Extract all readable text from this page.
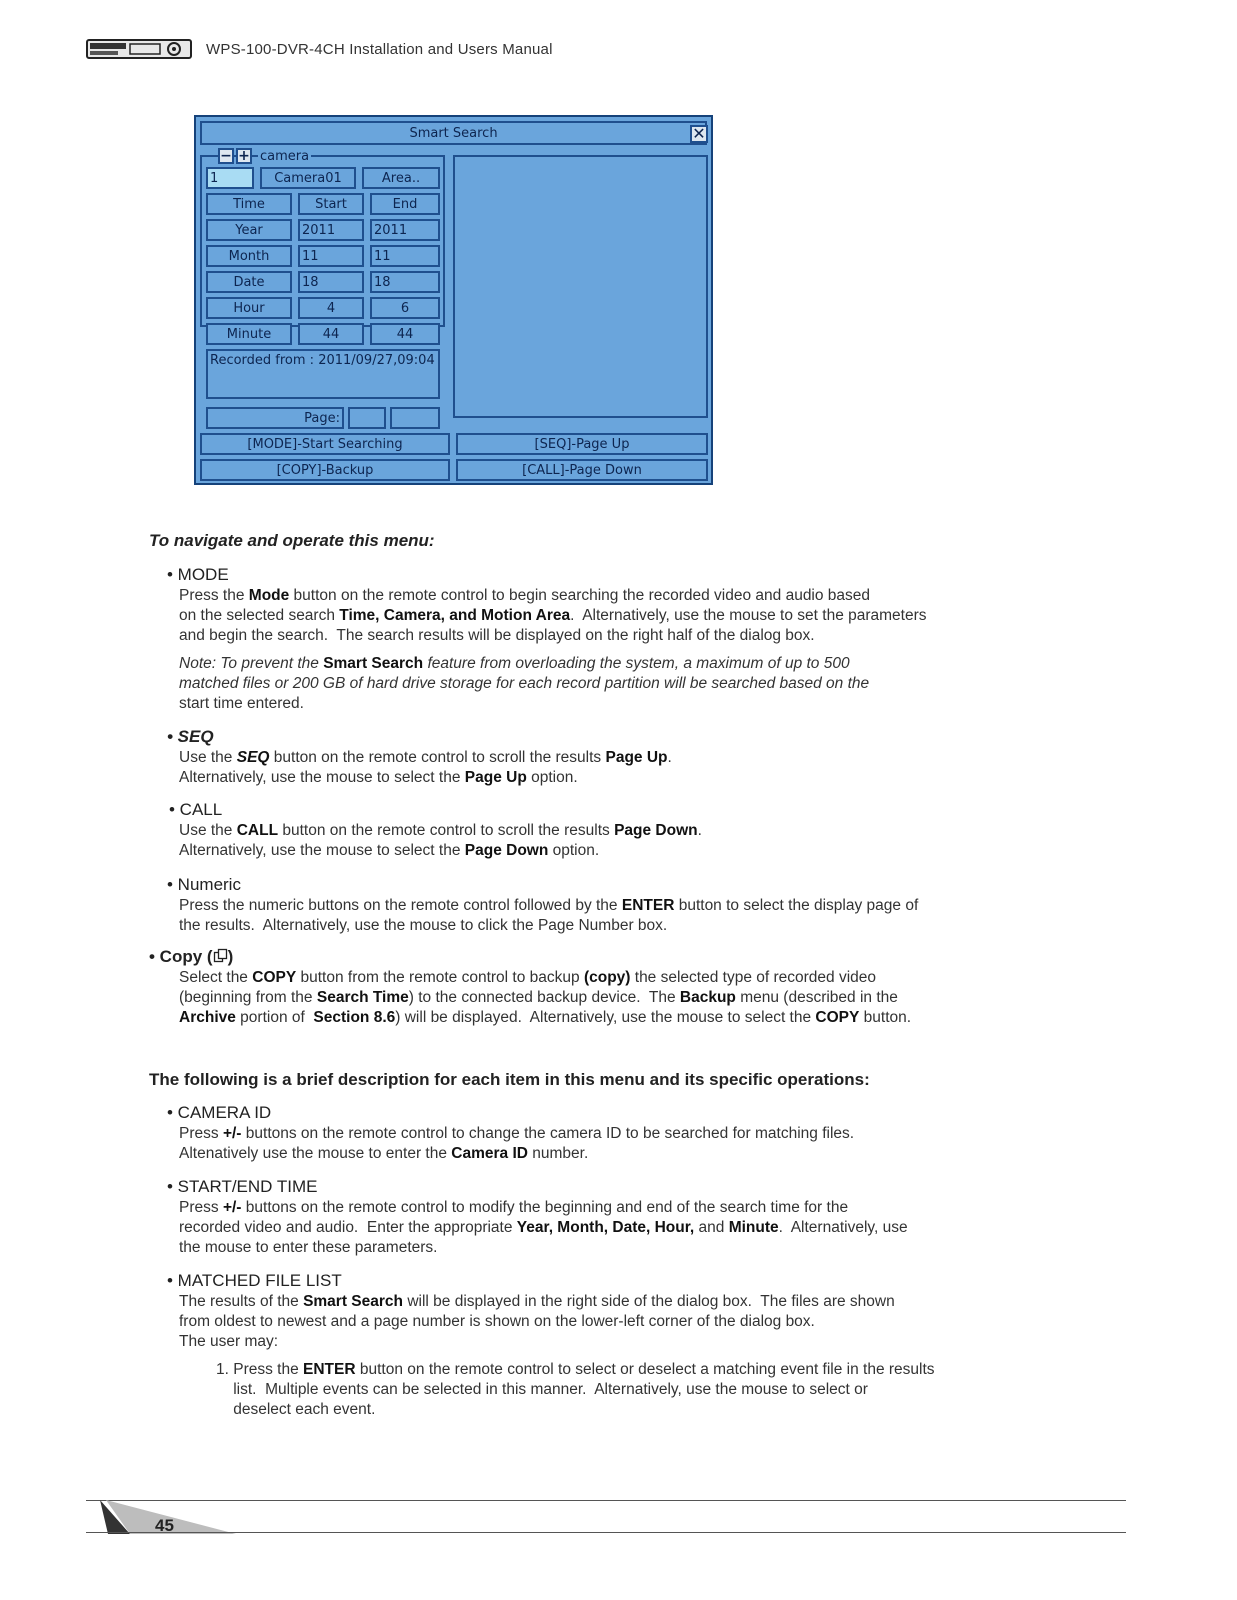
WPS-100-DVR-4CH Installation and Users Manual
Smart Search	✕
− + camera
1	Camera01	Area..
Time	Start	End
Year	2011	2011
Month	11	11
Date	18	18
Hour	4	6
Minute	44	44
Recorded from : 2011/09/27,09:04
Page:
[MODE]-Start Searching	[SEQ]-Page Up
[COPY]-Backup	[CALL]-Page Down
To navigate and operate this menu:
• MODE
Press the Mode button on the remote control to begin searching the recorded video and audio based
on the selected search Time, Camera, and Motion Area.  Alternatively, use the mouse to set the parameters
and begin the search.  The search results will be displayed on the right half of the dialog box.
Note: To prevent the Smart Search feature from overloading the system, a maximum of up to 500
matched files or 200 GB of hard drive storage for each record partition will be searched based on the
start time entered.
• SEQ
Use the SEQ button on the remote control to scroll the results Page Up.
Alternatively, use the mouse to select the Page Up option.
• CALL
Use the CALL button on the remote control to scroll the results Page Down.
Alternatively, use the mouse to select the Page Down option.
• Numeric
Press the numeric buttons on the remote control followed by the ENTER button to select the display page of
the results.  Alternatively, use the mouse to click the Page Number box.
• Copy ( )
Select the COPY button from the remote control to backup (copy) the selected type of recorded video
(beginning from the Search Time) to the connected backup device.  The Backup menu (described in the
Archive portion of  Section 8.6) will be displayed.  Alternatively, use the mouse to select the COPY button.
The following is a brief description for each item in this menu and its specific operations:
• CAMERA ID
Press +/- buttons on the remote control to change the camera ID to be searched for matching files.
Altenatively use the mouse to enter the Camera ID number.
• START/END TIME
Press +/- buttons on the remote control to modify the beginning and end of the search time for the
recorded video and audio.  Enter the appropriate Year, Month, Date, Hour, and Minute.  Alternatively, use
the mouse to enter these parameters.
• MATCHED FILE LIST
The results of the Smart Search will be displayed in the right side of the dialog box.  The files are shown
from oldest to newest and a page number is shown on the lower-left corner of the dialog box.
The user may:
1. Press the ENTER button on the remote control to select or deselect a matching event file in the results
list.  Multiple events can be selected in this manner.  Alternatively, use the mouse to select or
deselect each event.
45
